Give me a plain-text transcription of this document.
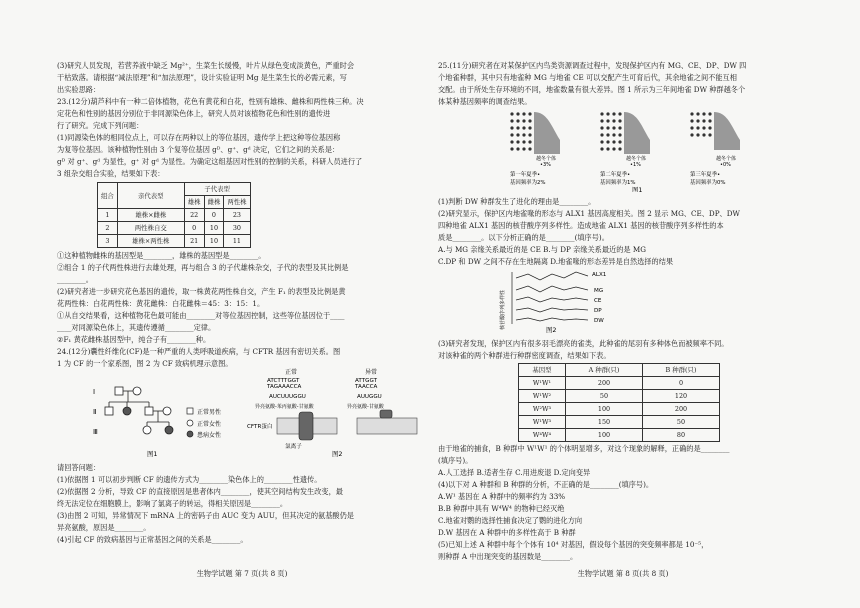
(3)研究人员发现，若营养液中缺乏 Mg²⁺，生菜生长缓慢，叶片从绿色变成淡黄色，严重时会
干枯致落。请根据“减法原理”和“加法原理”，设计实验证明 Mg 是生菜生长的必需元素，写
出实验思路：
23.(12分)葫芦科中有一种二倍体植物，花色有黄花和白花，性别有雄株、雌株和两性株三种。决
定花色和性别的基因分别位于非同源染色体上，研究人员对该植物花色和性别的遗传进
行了研究。完成下列问题：
(1)同源染色体的相同位点上，可以存在两种以上的等位基因，遗传学上把这种等位基因称
为复等位基因。该种植物性别由 3 个复等位基因 gᴰ、g⁺、gᵈ 决定，它们之间的关系是：
gᴰ 对 g⁺、gᵈ 为显性，g⁺ 对 gᵈ 为显性。为确定这组基因对性别的控制的关系，科研人员进行了
3 组杂交组合实验，结果如下表：
组合	亲代表型	子代表型		
		雄株	雌株	两性株
1	雄株×雌株	22	0	23
2	两性株自交	0	10	30
3	雄株×两性株	21	10	11
①这种植物雌株的基因型是________，雄株的基因型是________。
②组合 1 的子代两性株进行去雄处理，再与组合 3 的子代雄株杂交，子代的表型及其比例是
________。
(2)研究者进一步研究花色基因的遗传，取一株黄花两性株自交，产生 F₁ 的表型及比例是黄
花两性株：白花两性株：黄花雌株：白花雌株＝45：3：15：1。
①从自交结果看，这种植物花色最可能由________对等位基因控制，这些等位基因位于____
____对同源染色体上，其遗传遵循________定律。
②F₁ 黄花雌株基因型中，纯合子有________种。
24.(12分)囊性纤维化(CF)是一种严重的人类呼吸道疾病，与 CFTR 基因有密切关系。图
1 为 CF 的一个家系图，图 2 为 CF 致病机理示意图。
Ⅰ
Ⅱ
Ⅲ
正常男性
正常女性
患病女性
图1
正常	异常
ATCTTTGGT
TAGAAACCA
AUCUUUGGU
异亮氨酸-苯丙氨酸-甘氨酸
ATTGGT
TAACCA
AUUGGU
异亮氨酸-甘氨酸
CFTR蛋白
氯离子
图2
请回答问题：
(1)依据图 1 可以初步判断 CF 的遗传方式为________染色体上的________性遗传。
(2)依据图 2 分析，导致 CF 的直接原因是患者体内________，使其空间结构发生改变，最
终无法定位在细胞膜上，影响了氯离子的转运，得相关原因是________。
(3)由图 2 可知，异常情况下 mRNA 上的密码子由 AUC 变为 AUU，但其决定的氨基酸仍是
异亮氨酸，原因是________。
(4)引起 CF 的致病基因与正常基因之间的关系是________。
生物学试题 第 7 页(共 8 页)
25.(11分)研究者在对某保护区内鸟类资源调查过程中，发现保护区内有 MG、CE、DP、DW 四
个地雀种群，其中只有地雀种 MG 与地雀 CE 可以交配产生可育后代，其余地雀之间不能互相
交配。由于所处生存环境的不同，地雀数量有很大差异。图 1 所示为三年间地雀 DW 种群越冬个
体某种基因频率的调查结果。
越冬个体
•3%
第一年夏季•
基因频率为2%
越冬个体
•1%
第二年夏季•
基因频率为1%
图1
越冬个体
•0%
第三年夏季•
基因频率为0%
(1)判断 DW 种群发生了进化的理由是________。
(2)研究显示，保护区内地雀喙的形态与 ALX1 基因高度相关。图 2 显示 MG、CE、DP、DW
四种地雀 ALX1 基因的核苷酸序列多样性。造成地雀 ALX1 基因的核苷酸序列多样性的本
质是________。以下分析正确的是________(填序号)。
A.与 MG 亲缘关系最近的是 CE B.与 DP 亲缘关系最近的是 MG
C.DP 和 DW 之间不存在生地隔离 D.地雀喙的形态差异是自然选择的结果
核苷酸序列多样性
ALX1
MG
CE
DP
DW
图2
(3)研究者发现，保护区内有很多羽毛漂亮的雀类，此种雀的尾羽有多种体色而被频率不同。
对该种雀的两个种群进行种群密度调查，结果如下表。
基因型	A 种群(只)	B 种群(只)
W¹W¹	200	0
W¹W²	50	120
W²W³	100	200
W¹W³	150	50
W⁴W⁴	100	80
由于地雀的捕食，B 种群中 W¹W¹ 的个体明显增多，对这个现象的解释，正确的是________
(填序号)。
A.人工选择 B.适者生存 C.用进废退 D.定向变异
(4)以下对 A 种群和 B 种群的分析，不正确的是________(填序号)。
A.W¹ 基因在 A 种群中的频率约为 33%
B.B 种群中具有 W⁴W⁴ 的物种已经灭绝
C.地雀对鹦的选择性捕食决定了鹦的进化方向
D.W 基因在 A 种群中的多样性高于 B 种群
(5)已知上述 A 种群中每个个体有 10⁴ 对基因，假设每个基因的突变频率都是 10⁻⁵，
则种群 A 中出现突变的基因数是________。
生物学试题 第 8 页(共 8 页)
